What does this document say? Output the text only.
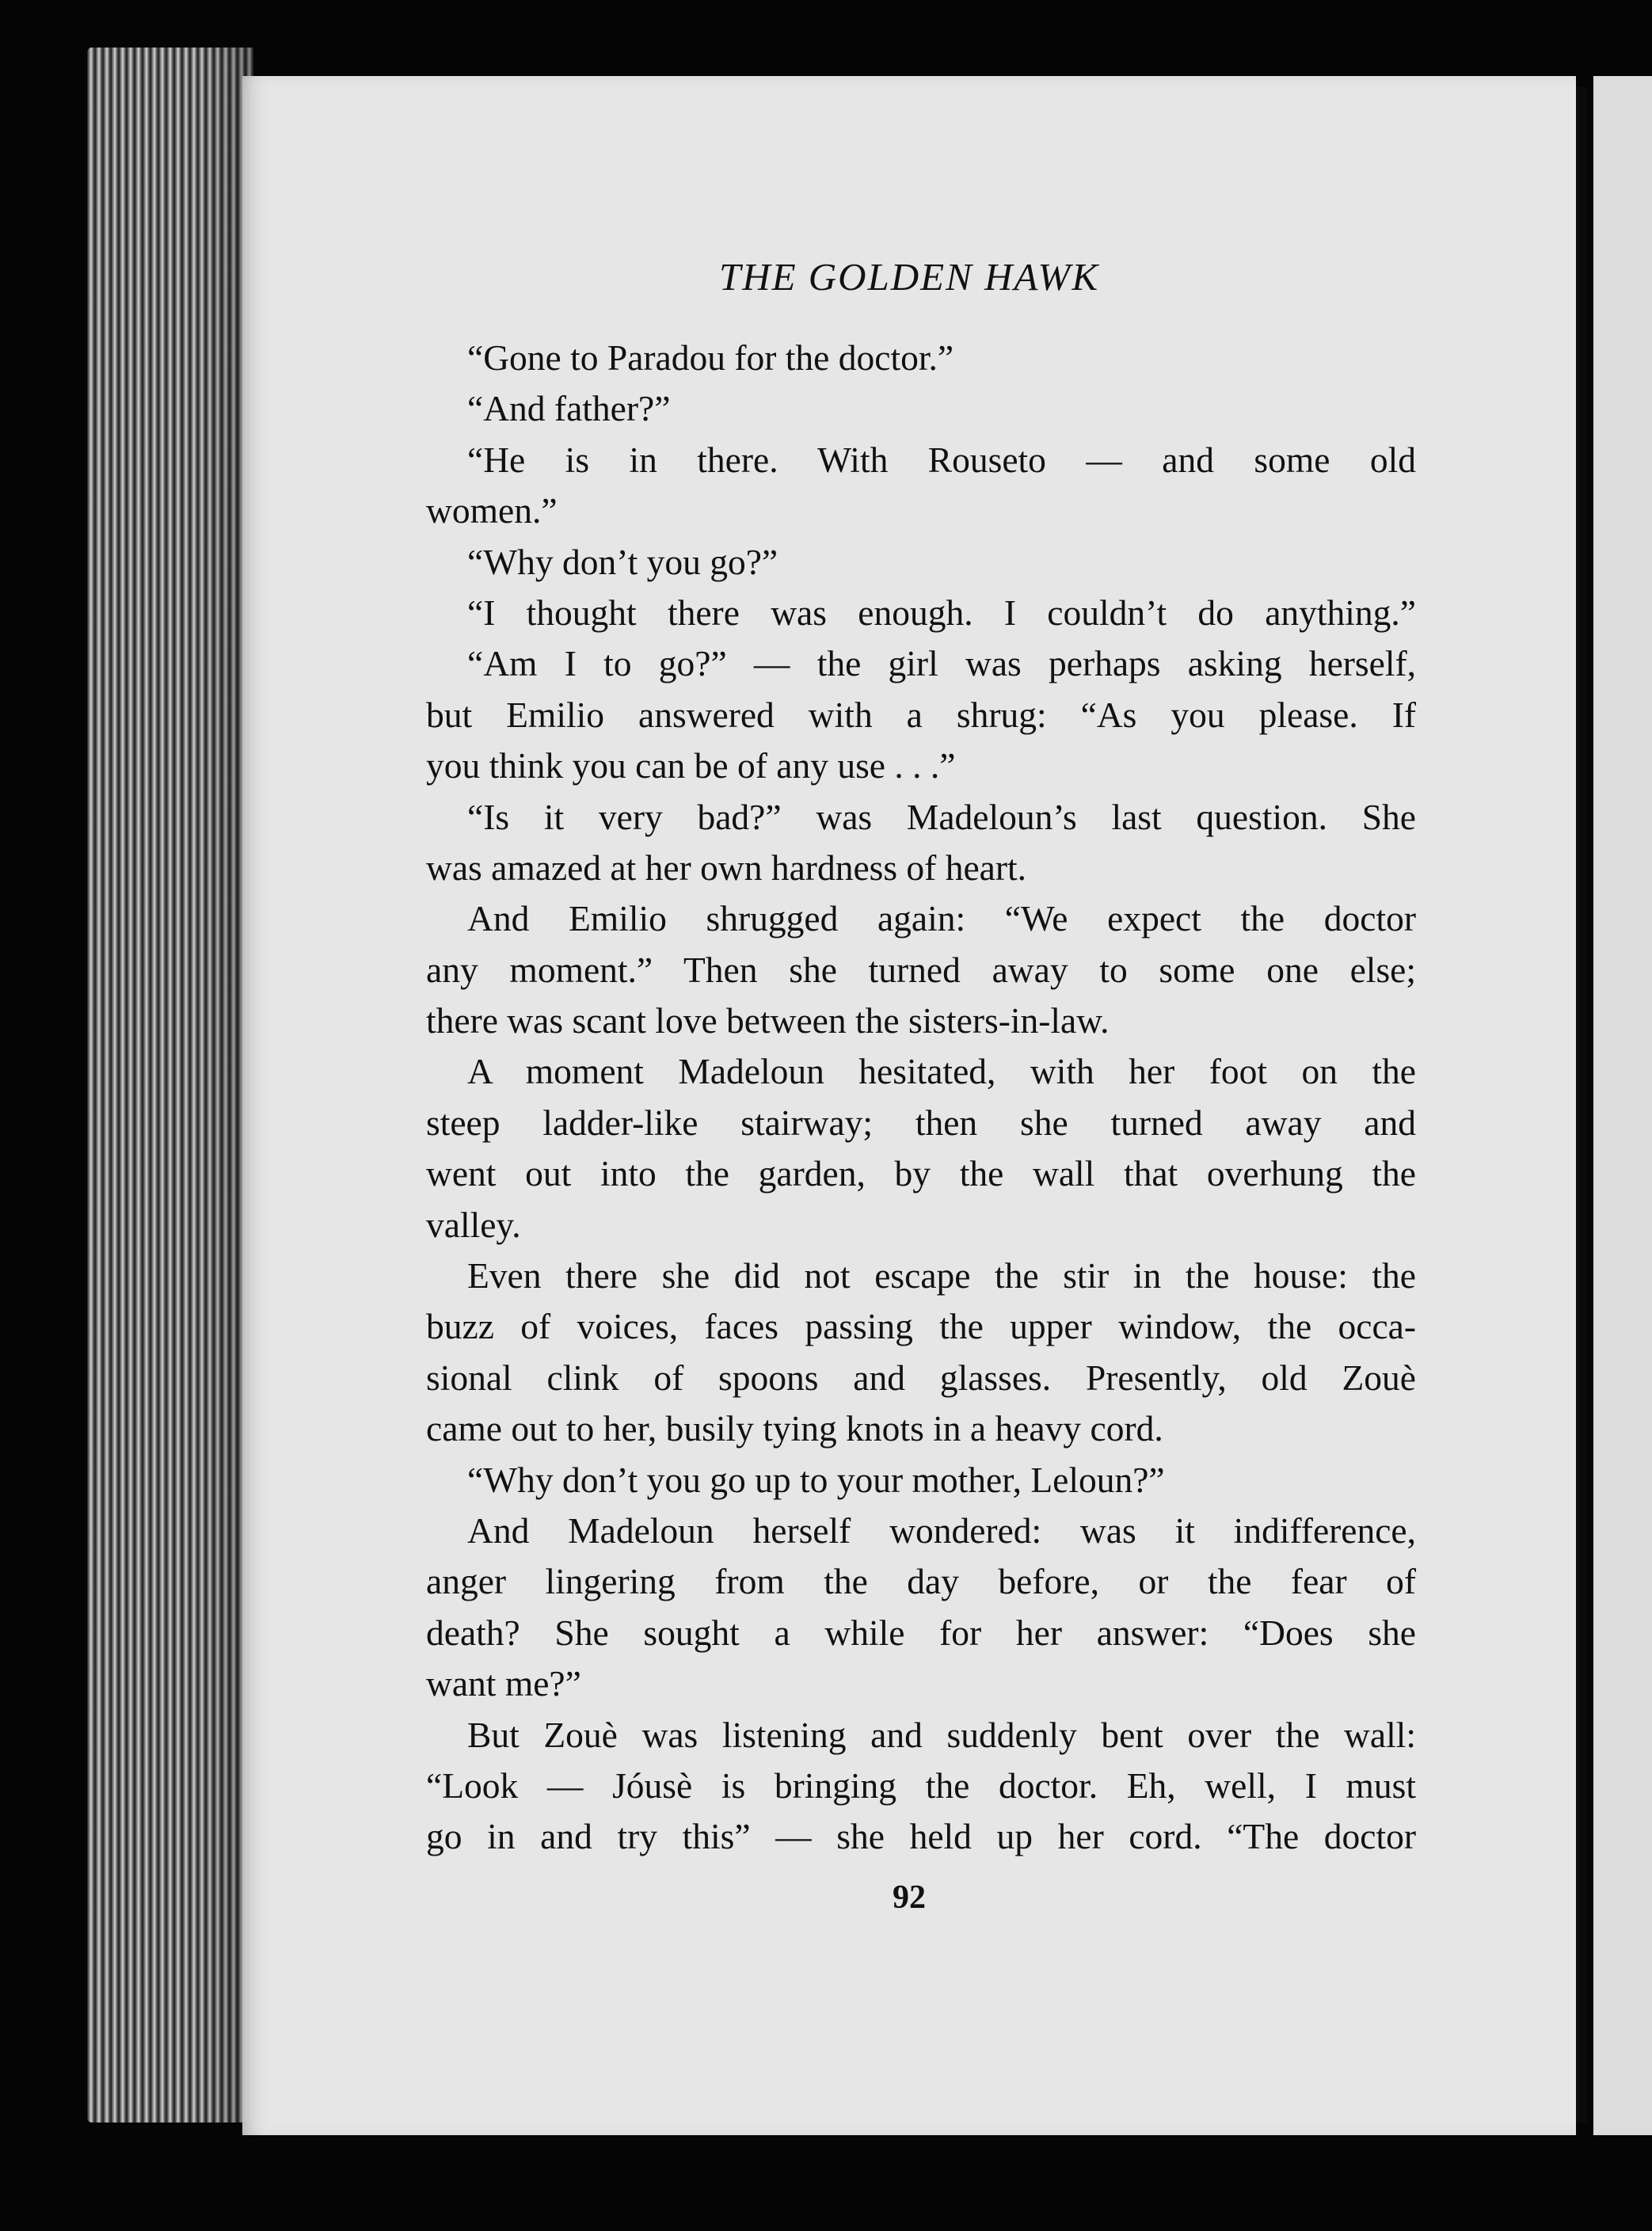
THE GOLDEN HAWK
“Gone to Paradou for the doctor.”
“And father?”
“He is in there. With Rouseto — and some old
women.”
“Why don’t you go?”
“I thought there was enough. I couldn’t do anything.”
“Am I to go?” — the girl was perhaps asking herself,
but Emilio answered with a shrug: “As you please. If
you think you can be of any use . . .”
“Is it very bad?” was Madeloun’s last question. She
was amazed at her own hardness of heart.
And Emilio shrugged again: “We expect the doctor
any moment.” Then she turned away to some one else;
there was scant love between the sisters-in-law.
A moment Madeloun hesitated, with her foot on the
steep ladder-like stairway; then she turned away and
went out into the garden, by the wall that overhung the
valley.
Even there she did not escape the stir in the house: the
buzz of voices, faces passing the upper window, the occa-
sional clink of spoons and glasses. Presently, old Zouè
came out to her, busily tying knots in a heavy cord.
“Why don’t you go up to your mother, Leloun?”
And Madeloun herself wondered: was it indifference,
anger lingering from the day before, or the fear of
death? She sought a while for her answer: “Does she
want me?”
But Zouè was listening and suddenly bent over the wall:
“Look — Jóusè is bringing the doctor. Eh, well, I must
go in and try this” — she held up her cord. “The doctor
92
